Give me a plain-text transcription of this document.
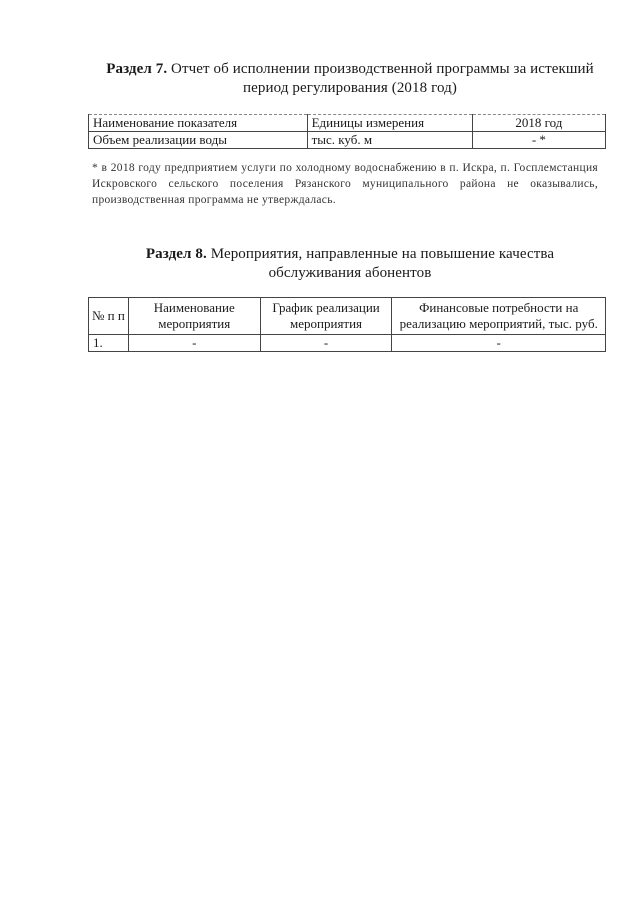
Раздел 7. Отчет об исполнении производственной программы за истекший
период регулирования (2018 год)
Наименование показателя	Единицы измерения	2018 год
Объем реализации воды	тыс. куб. м	- *
* в 2018 году предприятием услуги по холодному водоснабжению в п. Искра, п. Госплемстанция Искровского сельского поселения Рязанского муниципального района не оказывались, производственная программа не утверждалась.
Раздел 8. Мероприятия, направленные на повышение качества
обслуживания абонентов
№ п п	Наименование мероприятия	График реализации мероприятия	Финансовые потребности на реализацию мероприятий, тыс. руб.
1.	-	-	-
